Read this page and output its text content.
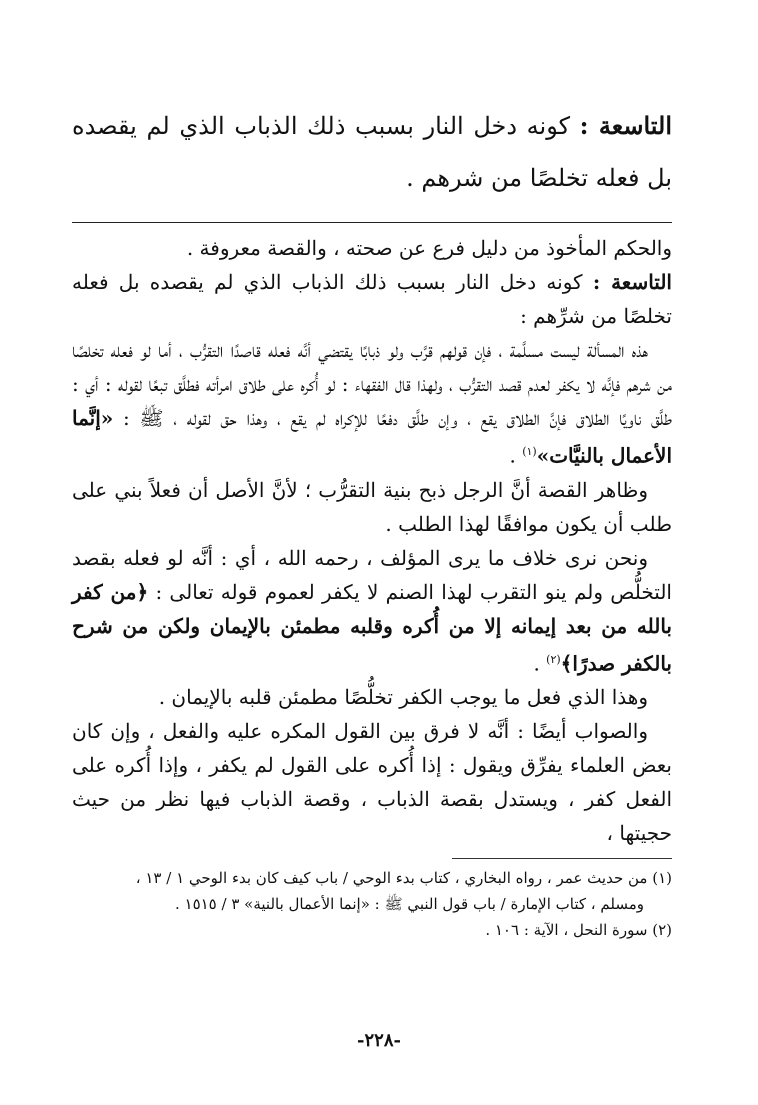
التاسعة : كونه دخل النار بسبب ذلك الذباب الذي لم يقصده بل فعله تخلصًا من شرهم .

والحكم المأخوذ من دليل فرع عن صحته ، والقصة معروفة .

التاسعة : كونه دخل النار بسبب ذلك الذباب الذي لم يقصده بل فعله تخلصًا من شرِّهم :

هذه المسألة ليست مسلَّمة ، فإن قولهم قرَّب ولو ذبابًا يقتضي أنَّه فعله قاصدًا التقرُّب ، أما لو فعله تخلصًا من شرهم فإنَّه لا يكفر لعدم قصد التقرُّب ، ولهذا قال الفقهاء : لو أُكره على طلاق امرأته فطلَّق تبعًا لقوله : أي : طلَّق ناويًا الطلاق فإنَّ الطلاق يقع ، وإن طلَّق دفعًا للإكراه لم يقع ، وهذا حق لقوله ، ﷺ : «إنَّما الأعمال بالنيَّات»$^{(١)}$ .

وظاهر القصة أنَّ الرجل ذبح بنية التقرُّب ؛ لأنَّ الأصل أن فعلاً بني على طلب أن يكون موافقًا لهذا الطلب .

ونحن نرى خلاف ما يرى المؤلف ، رحمه الله ، أي : أنَّه لو فعله بقصد التخلُّص ولم ينو التقرب لهذا الصنم لا يكفر لعموم قوله تعالى : ﴿من كفر بالله من بعد إيمانه إلا من أُكره وقلبه مطمئن بالإيمان ولكن من شرح بالكفر صدرًا﴾$^{(٢)}$ .

وهذا الذي فعل ما يوجب الكفر تخلُّصًا مطمئن قلبه بالإيمان .

والصواب أيضًا : أنَّه لا فرق بين القول المكره عليه والفعل ، وإن كان بعض العلماء يفرِّق ويقول : إذا أُكره على القول لم يكفر ، وإذا أُكره على الفعل كفر ، ويستدل بقصة الذباب ، وقصة الذباب فيها نظر من حيث حجيتها ،

(١) من حديث عمر ، رواه البخاري ، كتاب بدء الوحي / باب كيف كان بدء الوحي ١ / ١٣ ،

ومسلم ، كتاب الإمارة / باب قول النبي ﷺ : «إنما الأعمال بالنية» ٣ / ١٥١٥ .

(٢) سورة النحل ، الآية : ١٠٦ .

-٢٢٨-
